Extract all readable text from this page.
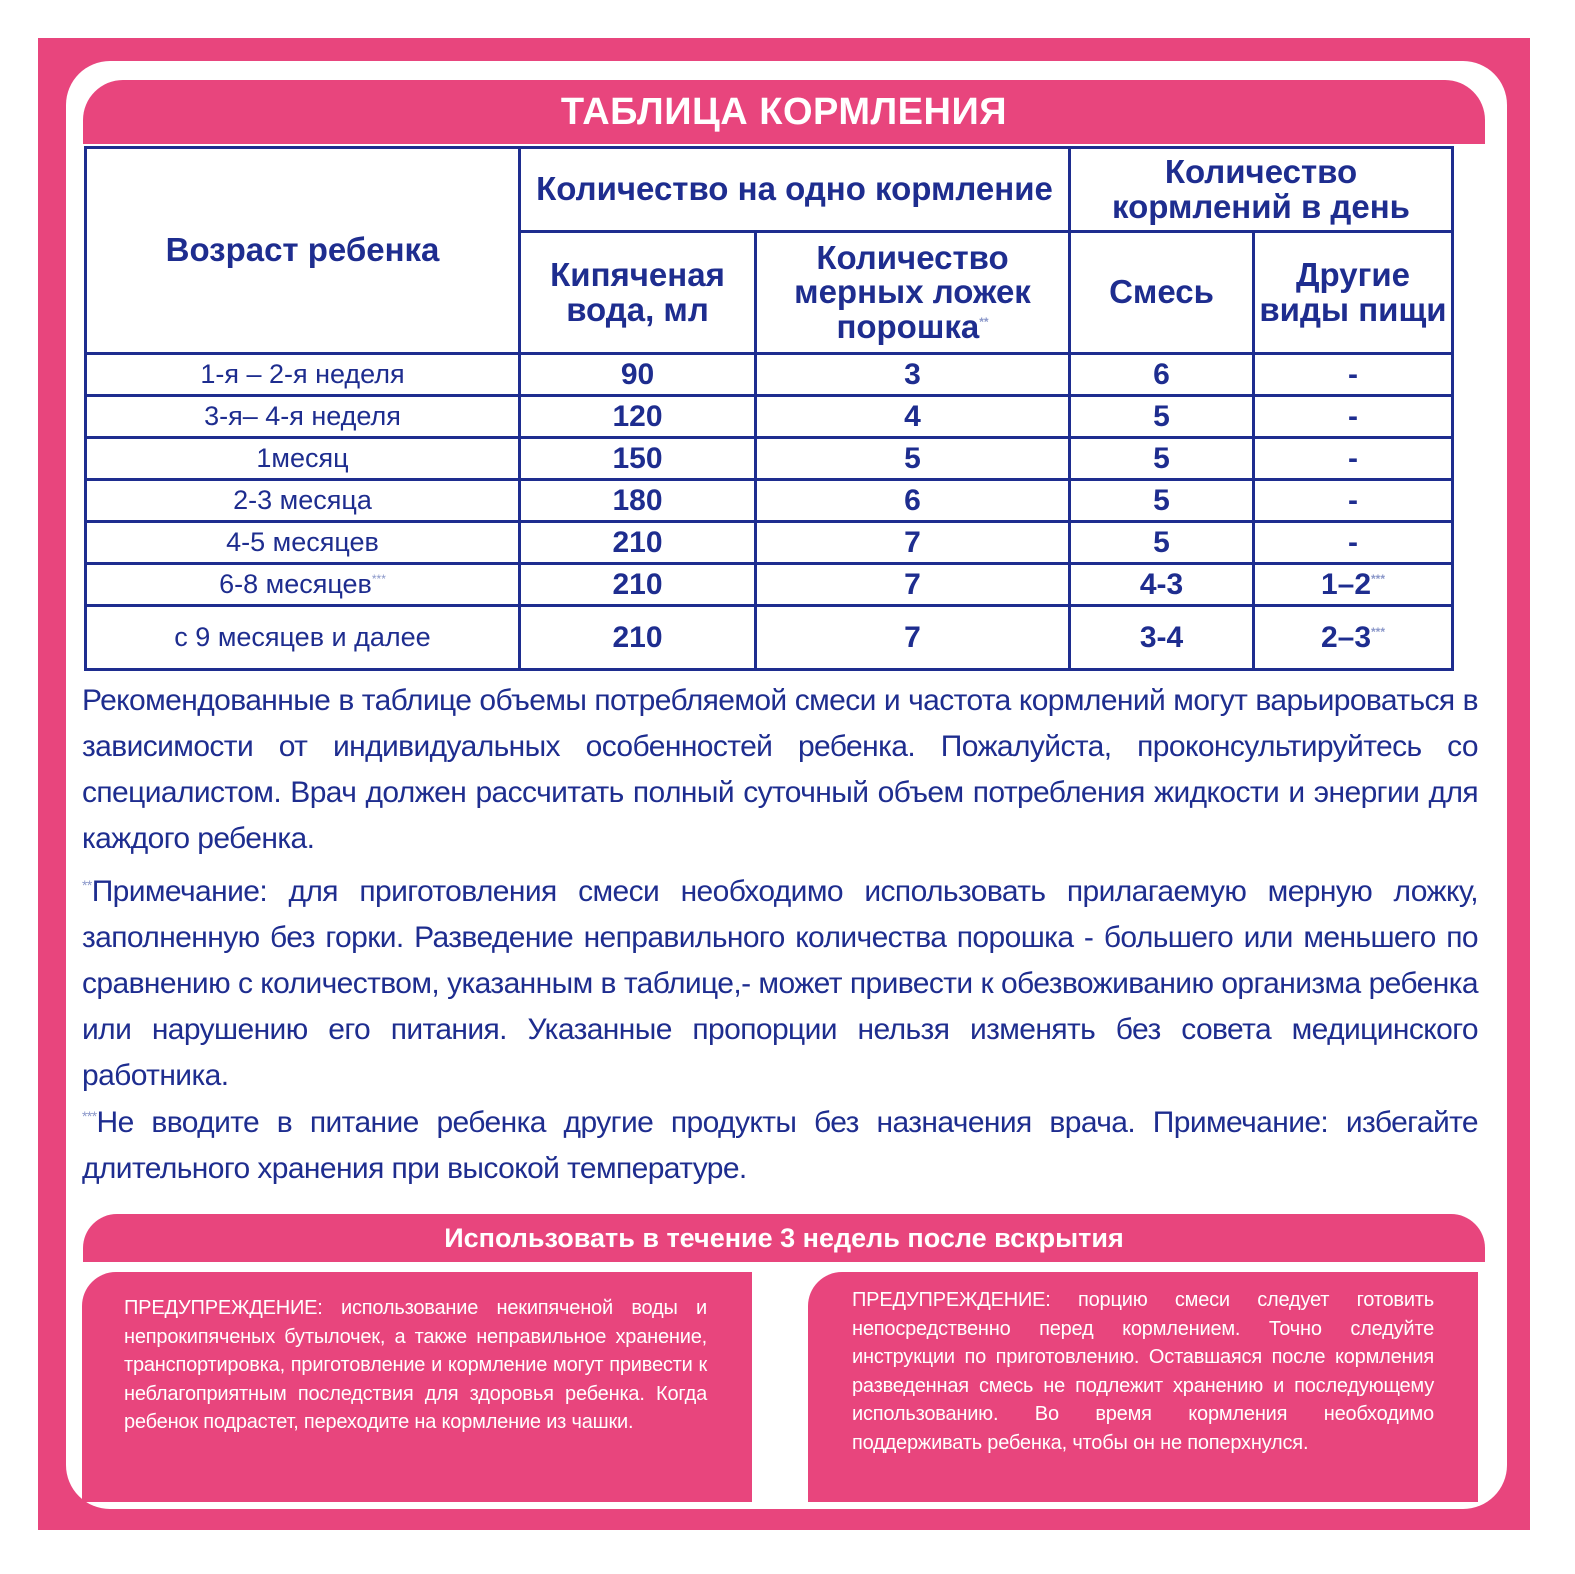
ТАБЛИЦА КОРМЛЕНИЯ
Возраст ребенка	Количество на одно кормление		Количество кормлений в день	
	Кипяченая вода, мл	Количество мерных ложек порошка**	Смесь	Другие виды пищи
1-я – 2-я неделя	90	3	6	-
3-я– 4-я неделя	120	4	5	-
1месяц	150	5	5	-
2-3 месяца	180	6	5	-
4-5 месяцев	210	7	5	-
6-8 месяцев***	210	7	4-3	1–2***
с 9 месяцев и далее	210	7	3-4	2–3***
Рекомендованные в таблице объемы потребляемой смеси и частота кормлений могут варьироваться в зависимости от индивидуальных особенностей ребенка. Пожалуйста, проконсультируйтесь со специалистом. Врач должен рассчитать полный суточный объем потребления жидкости и энергии для каждого ребенка.
**Примечание: для приготовления смеси необходимо использовать прилагаемую мерную ложку, заполненную без горки. Разведение неправильного количества порошка - большего или меньшего по сравнению с количеством, указанным в таблице,- может привести к обезвоживанию организма ребенка или нарушению его питания. Указанные пропорции нельзя изменять без совета медицинского работника.
***Не вводите в питание ребенка другие продукты без назначения врача. Примечание: избегайте длительного хранения при высокой температуре.
Использовать в течение 3 недель после вскрытия
ПРЕДУПРЕЖДЕНИЕ: использование некипяченой воды и непрокипяченых бутылочек, а также неправильное хранение, транспортировка, приготовление и кормление могут привести к неблагоприятным последствия для здоровья ребенка. Когда ребенок подрастет, переходите на кормление из чашки.
ПРЕДУПРЕЖДЕНИЕ: порцию смеси следует готовить непосредственно перед кормлением. Точно следуйте инструкции по приготовлению. Оставшаяся после кормления разведенная смесь не подлежит хранению и последующему использованию. Во время кормления необходимо поддерживать ребенка, чтобы он не поперхнулся.
